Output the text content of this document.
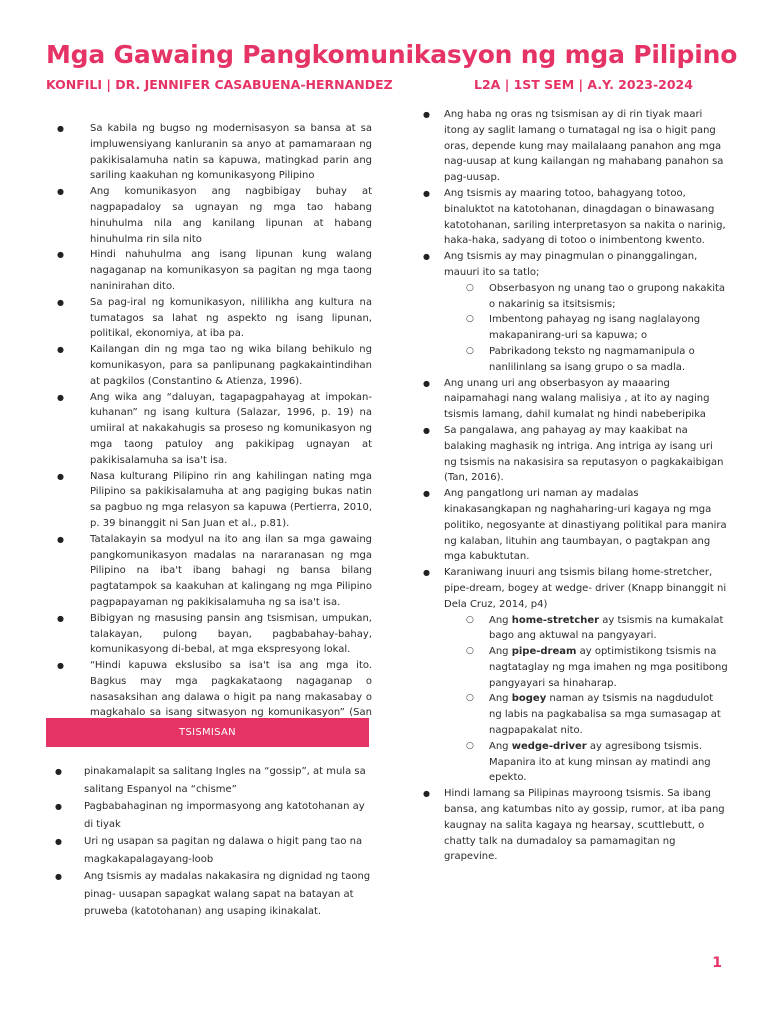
Mga Gawaing Pangkomunikasyon ng mga Pilipino
KONFILI | DR. JENNIFER CASABUENA-HERNANDEZ	L2A | 1ST SEM | A.Y. 2023-2024
● Sa kabila ng bugso ng modernisasyon sa bansa at sa impluwensiyang kanluranin sa anyo at pamamaraan ng pakikisalamuha natin sa kapuwa, matingkad parin ang sariling kaakuhan ng komunikasyong Pilipino
● Ang komunikasyon ang nagbibigay buhay at nagpapadaloy sa ugnayan ng mga tao habang hinuhulma nila ang kanilang lipunan at habang hinuhulma rin sila nito
● Hindi nahuhulma ang isang lipunan kung walang nagaganap na komunikasyon sa pagitan ng mga taong naninirahan dito.
● Sa pag-iral ng komunikasyon, nililikha ang kultura na tumatagos sa lahat ng aspekto ng isang lipunan, politikal, ekonomiya, at iba pa.
● Kailangan din ng mga tao ng wika bilang behikulo ng komunikasyon, para sa panlipunang pagkakaintindihan at pagkilos (Constantino & Atienza, 1996).
● Ang wika ang “daluyan, tagapagpahayag at impokan-kuhanan” ng isang kultura (Salazar, 1996, p. 19) na umiiral at nakakahugis sa proseso ng komunikasyon ng mga taong patuloy ang pakikipag ugnayan at pakikisalamuha sa isa't isa.
● Nasa kulturang Pilipino rin ang kahilingan nating mga Pilipino sa pakikisalamuha at ang pagiging bukas natin sa pagbuo ng mga relasyon sa kapuwa (Pertierra, 2010, p. 39 binanggit ni San Juan et al., p.81).
● Tatalakayin sa modyul na ito ang ilan sa mga gawaing pangkomunikasyon madalas na nararanasan ng mga Pilipino na iba't ibang bahagi ng bansa bilang pagtatampok sa kaakuhan at kalingang ng mga Pilipino pagpapayaman ng pakikisalamuha ng sa isa't isa.
● Bibigyan ng masusing pansin ang tsismisan, umpukan, talakayan, pulong bayan, pagbabahay-bahay, komunikasyong di-bebal, at mga ekspresyong lokal.
● “Hindi kapuwa ekslusibo sa isa't isa ang mga ito. Bagkus may mga pagkakataong nagaganap o nasasaksihan ang dalawa o higit pa nang makasabay o magkahalo sa isang sitwasyon ng komunikasyon” (San
TSISMISAN
● pinakamalapit sa salitang Ingles na “gossip”, at mula sa salitang Espanyol na “chisme”
● Pagbabahaginan ng impormasyong ang katotohanan ay di tiyak
● Uri ng usapan sa pagitan ng dalawa o higit pang tao na magkakapalagayang-loob
● Ang tsismis ay madalas nakakasira ng dignidad ng taong pinag- uusapan sapagkat walang sapat na batayan at pruweba (katotohanan) ang usaping ikinakalat.
● Ang haba ng oras ng tsismisan ay di rin tiyak maari itong ay saglit lamang o tumatagal ng isa o higit pang oras, depende kung may mailalaang panahon ang mga nag-uusap at kung kailangan ng mahabang panahon sa pag-uusap.
● Ang tsismis ay maaring totoo, bahagyang totoo, binaluktot na katotohanan, dinagdagan o binawasang katotohanan, sariling interpretasyon sa nakita o narinig, haka-haka, sadyang di totoo o inimbentong kwento.
● Ang tsismis ay may pinagmulan o pinanggalingan, mauuri ito sa tatlo;
○ Obserbasyon ng unang tao o grupong nakakita o nakarinig sa itsitsismis;
○ Imbentong pahayag ng isang naglalayong makapanirang-uri sa kapuwa; o
○ Pabrikadong teksto ng nagmamanipula o nanlilinlang sa isang grupo o sa madla.
● Ang unang uri ang obserbasyon ay maaaring naipamahagi nang walang malisiya , at ito ay naging tsismis lamang, dahil kumalat ng hindi nabeberipika
● Sa pangalawa, ang pahayag ay may kaakibat na balaking maghasik ng intriga. Ang intriga ay isang uri ng tsismis na nakasisira sa reputasyon o pagkakaibigan (Tan, 2016).
● Ang pangatlong uri naman ay madalas kinakasangkapan ng naghaharing-uri kagaya ng mga politiko, negosyante at dinastiyang politikal para manira ng kalaban, lituhin ang taumbayan, o pagtakpan ang mga kabuktutan.
● Karaniwang inuuri ang tsismis bilang home-stretcher, pipe-dream, bogey at wedge- driver (Knapp binanggit ni Dela Cruz, 2014, p4)
○ Ang home-stretcher ay tsismis na kumakalat bago ang aktuwal na pangyayari.
○ Ang pipe-dream ay optimistikong tsismis na nagtataglay ng mga imahen ng mga positibong pangyayari sa hinaharap.
○ Ang bogey naman ay tsismis na nagdudulot ng labis na pagkabalisa sa mga sumasagap at nagpapakalat nito.
○ Ang wedge-driver ay agresibong tsismis. Mapanira ito at kung minsan ay matindi ang epekto.
● Hindi lamang sa Pilipinas mayroong tsismis. Sa ibang bansa, ang katumbas nito ay gossip, rumor, at iba pang kaugnay na salita kagaya ng hearsay, scuttlebutt, o chatty talk na dumadaloy sa pamamagitan ng grapevine.
1
